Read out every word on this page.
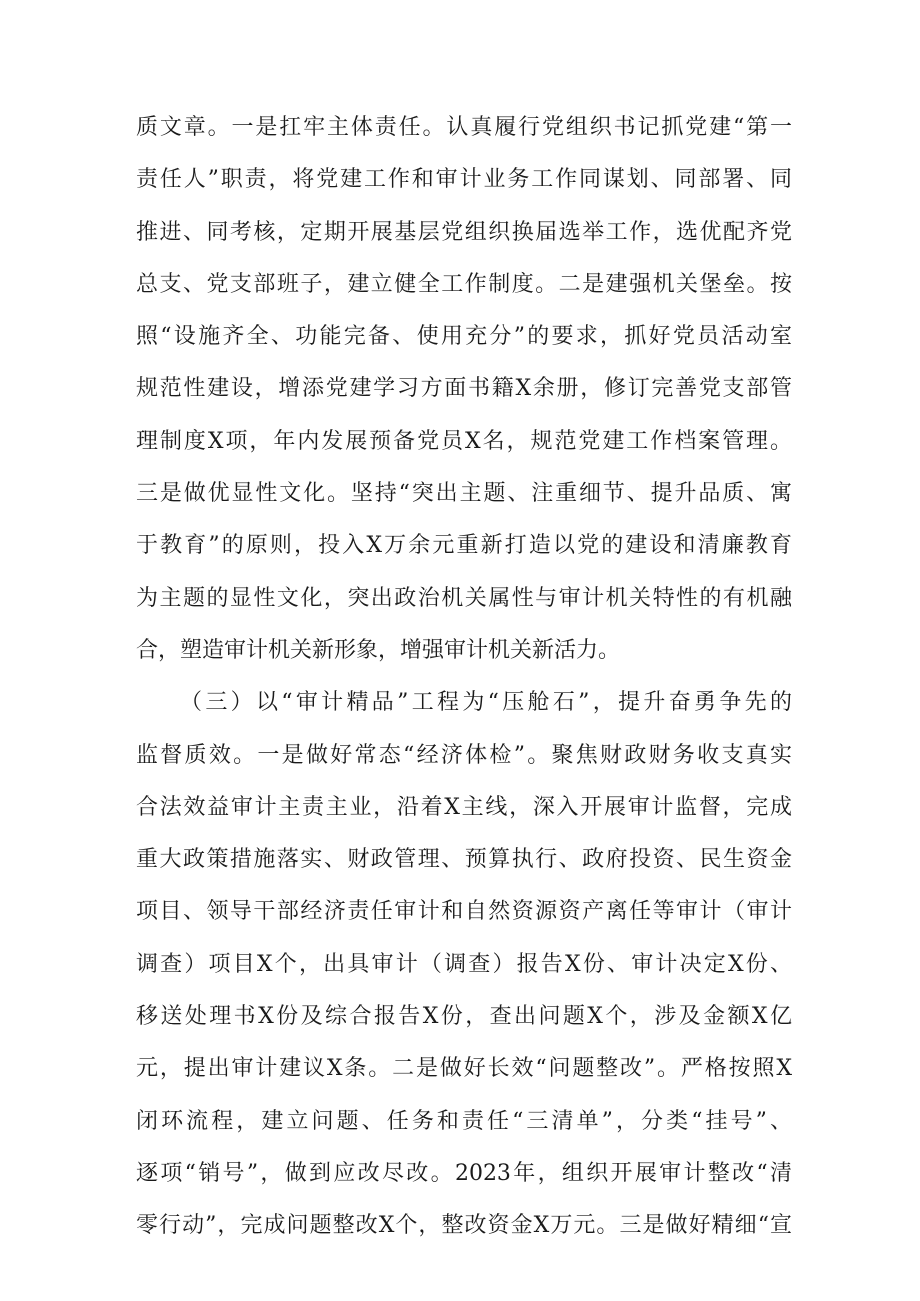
质文章。一是扛牢主体责任。认真履行党组织书记抓党建“第一
责任人”职责，将党建工作和审计业务工作同谋划、同部署、同
推进、同考核，定期开展基层党组织换届选举工作，选优配齐党
总支、党支部班子，建立健全工作制度。二是建强机关堡垒。按
照“设施齐全、功能完备、使用充分”的要求，抓好党员活动室
规范性建设，增添党建学习方面书籍X余册，修订完善党支部管
理制度X项，年内发展预备党员X名，规范党建工作档案管理。
三是做优显性文化。坚持“突出主题、注重细节、提升品质、寓
于教育”的原则，投入X万余元重新打造以党的建设和清廉教育
为主题的显性文化，突出政治机关属性与审计机关特性的有机融
合，塑造审计机关新形象，增强审计机关新活力。
（三）以“审计精品”工程为“压舱石”，提升奋勇争先的
监督质效。一是做好常态“经济体检”。聚焦财政财务收支真实
合法效益审计主责主业，沿着X主线，深入开展审计监督，完成
重大政策措施落实、财政管理、预算执行、政府投资、民生资金
项目、领导干部经济责任审计和自然资源资产离任等审计（审计
调查）项目X个，出具审计（调查）报告X份、审计决定X份、
移送处理书X份及综合报告X份，查出问题X个，涉及金额X亿
元，提出审计建议X条。二是做好长效“问题整改”。严格按照X
闭环流程，建立问题、任务和责任“三清单”，分类“挂号”、
逐项“销号”，做到应改尽改。2023年，组织开展审计整改“清
零行动”，完成问题整改X个，整改资金X万元。三是做好精细“宣
